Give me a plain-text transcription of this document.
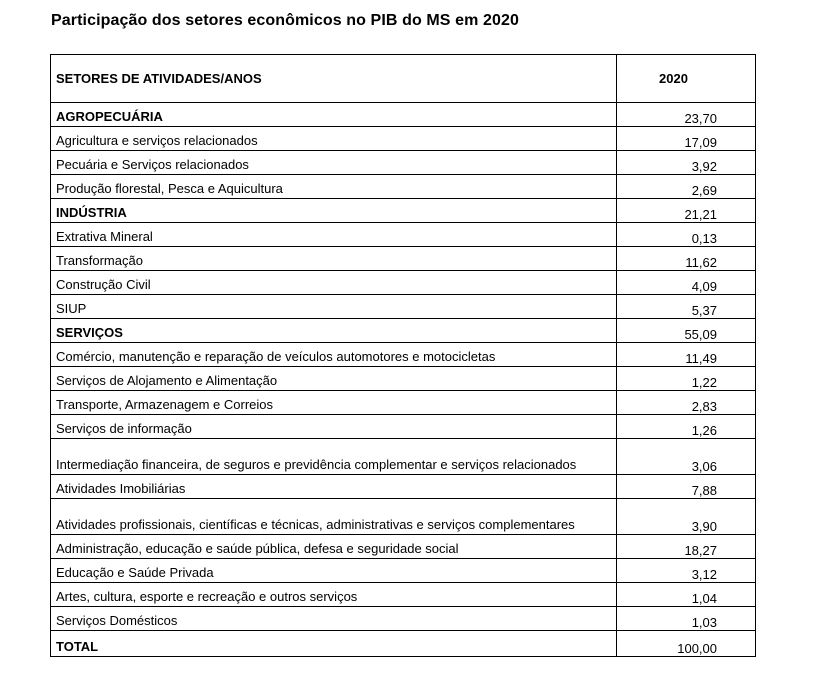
Participação dos setores econômicos no PIB do MS em 2020
SETORES DE ATIVIDADES/ANOS	2020
AGROPECUÁRIA	23,70
Agricultura e serviços relacionados	17,09
Pecuária e Serviços relacionados	3,92
Produção florestal, Pesca e Aquicultura	2,69
INDÚSTRIA	21,21
Extrativa Mineral	0,13
Transformação	11,62
Construção Civil	4,09
SIUP	5,37
SERVIÇOS	55,09
Comércio, manutenção e reparação de veículos automotores e motocicletas	11,49
Serviços de Alojamento e Alimentação	1,22
Transporte, Armazenagem e Correios	2,83
Serviços de informação	1,26
Intermediação financeira, de seguros e previdência complementar e serviços relacionados	3,06
Atividades Imobiliárias	7,88
Atividades profissionais, científicas e técnicas, administrativas e serviços complementares	3,90
Administração, educação e saúde pública, defesa e seguridade social	18,27
Educação e Saúde Privada	3,12
Artes, cultura, esporte e recreação e outros serviços	1,04
Serviços Domésticos	1,03
TOTAL	100,00
